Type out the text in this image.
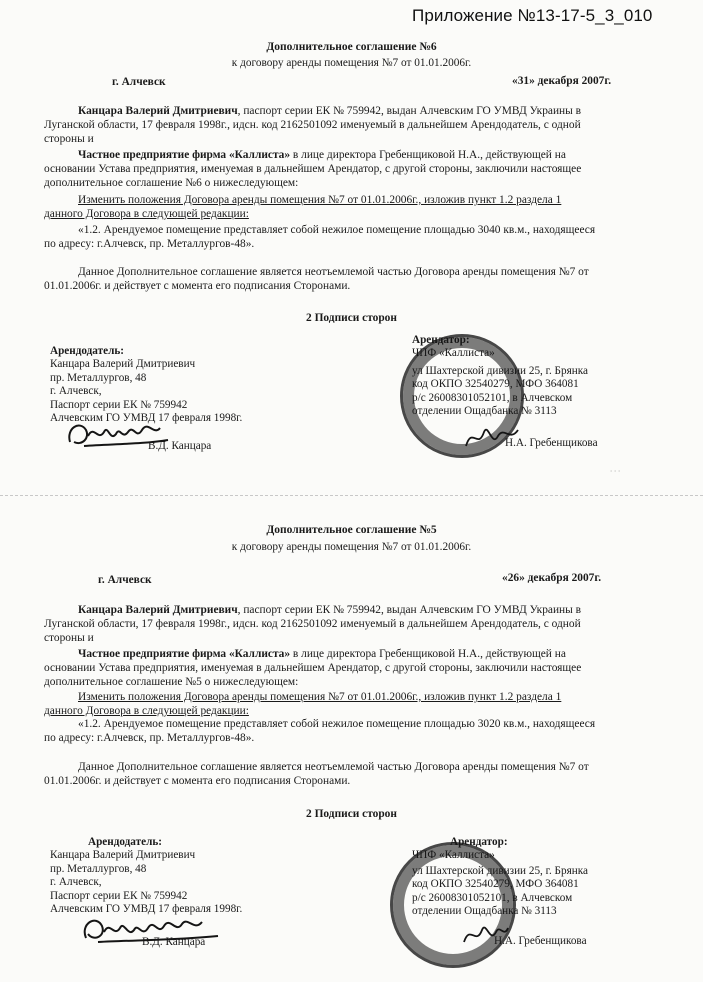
Приложение №13-17-5_3_010
Дополнительное соглашение №6
к договору аренды помещения №7 от 01.01.2006г.
г. Алчевск	«31» декабря 2007г.
Канцара Валерий Дмитриевич, паспорт серии ЕК № 759942, выдан Алчевским ГО УМВД Украины в
Луганской области, 17 февраля 1998г., идсн. код 2162501092 именуемый в дальнейшем Арендодатель, с одной
стороны и
Частное предприятие фирма «Каллиста» в лице директора Гребенщиковой Н.А., действующей на
основании Устава предприятия, именуемая в дальнейшем Арендатор, с другой стороны, заключили настоящее
дополнительное соглашение №6 о нижеследующем:
Изменить положения Договора аренды помещения №7 от 01.01.2006г., изложив пункт 1.2 раздела 1
данного Договора в следующей редакции:
«1.2. Арендуемое помещение представляет собой нежилое помещение площадью 3040 кв.м., находящееся
по адресу: г.Алчевск, пр. Металлургов-48».
Данное Дополнительное соглашение является неотъемлемой частью Договора аренды помещения №7 от
01.01.2006г. и действует с момента его подписания Сторонами.
2 Подписи сторон
Арендодатель:
Канцара Валерий Дмитриевич
пр. Металлургов, 48
г. Алчевск,
Паспорт серии ЕК № 759942
Алчевским ГО УМВД 17 февраля 1998г.
В.Д. Канцара
Арендатор:
ЧПФ «Каллиста»
ул Шахтерской дивизии 25, г. Брянка
код ОКПО 32540279, МФО 364081
р/с 26008301052101, в Алчевском
отделении Ощадбанка № 3113
Н.А. Гребенщикова
· · ·
Дополнительное соглашение №5
к договору аренды помещения №7 от 01.01.2006г.
г. Алчевск	«26» декабря 2007г.
Канцара Валерий Дмитриевич, паспорт серии ЕК № 759942, выдан Алчевским ГО УМВД Украины в
Луганской области, 17 февраля 1998г., идсн. код 2162501092 именуемый в дальнейшем Арендодатель, с одной
стороны и
Частное предприятие фирма «Каллиста» в лице директора Гребенщиковой Н.А., действующей на
основании Устава предприятия, именуемая в дальнейшем Арендатор, с другой стороны, заключили настоящее
дополнительное соглашение №5 о нижеследующем:
Изменить положения Договора аренды помещения №7 от 01.01.2006г., изложив пункт 1.2 раздела 1
данного Договора в следующей редакции:
«1.2. Арендуемое помещение представляет собой нежилое помещение площадью 3020 кв.м., находящееся
по адресу: г.Алчевск, пр. Металлургов-48».
Данное Дополнительное соглашение является неотъемлемой частью Договора аренды помещения №7 от
01.01.2006г. и действует с момента его подписания Сторонами.
2 Подписи сторон
Арендодатель:
Канцара Валерий Дмитриевич
пр. Металлургов, 48
г. Алчевск,
Паспорт серии ЕК № 759942
Алчевским ГО УМВД 17 февраля 1998г.
В.Д. Канцара
Арендатор:
ЧПФ «Каллиста»
ул Шахтерской дивизии 25, г. Брянка
код ОКПО 32540279, МФО 364081
р/с 26008301052101, в Алчевском
отделении Ощадбанка № 3113
Н.А. Гребенщикова
